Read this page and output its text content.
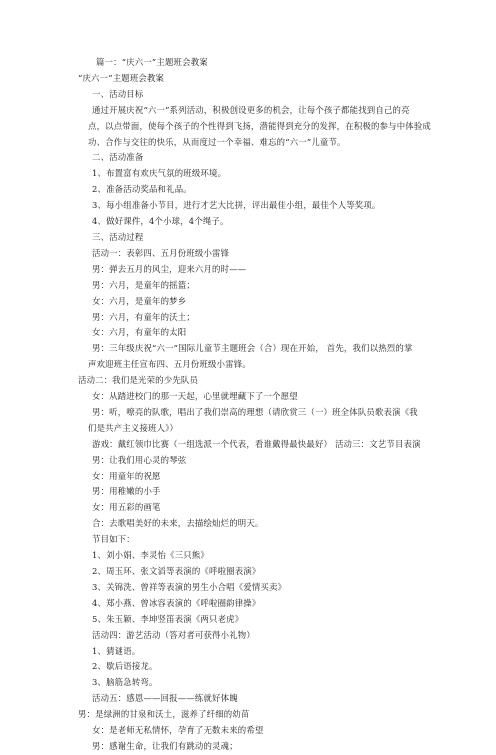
篇一：“庆六一”主题班会教案
“庆六一”主题班会教案
一、活动目标
通过开展庆祝“六一”系列活动，积极创设更多的机会，让每个孩子都能找到自己的亮
点，以点带面，使每个孩子的个性得到飞扬，潜能得到充分的发挥，在积极的参与中体验成
功、合作与交往的快乐，从而度过一个幸福、难忘的“六一”儿童节。
二、活动准备
1、布置富有欢庆气氛的班级环境。
2、准备活动奖品和礼品。
3、每小组准备小节目，进行才艺大比拼，评出最佳小组，最佳个人等奖项。
4、做好课件，4个小球，4个绳子。
三、活动过程
活动一：表彰四、五月份班级小雷锋
男：弹去五月的风尘，迎来六月的时——
男：六月，是童年的摇篮；
女：六月，是童年的梦乡
男：六月，有童年的沃土；
女：六月，有童年的太阳
男：三年级庆祝“六一”国际儿童节主题班会（合）现在开始， 首先，我们以热烈的掌
声欢迎班主任宣布四、五月份班级小雷锋。
活动二：我们是光荣的少先队员
女：从踏进校门的那一天起，心里就埋藏下了一个愿望
男：听，嘹亮的队歌，唱出了我们崇高的理想（请欣赏三（一）班全体队员歌表演《我
们是共产主义接班人》）
游戏：戴红领巾比赛（一组选派一个代表，看谁戴得最快最好） 活动三：文艺节目表演
男：让我们用心灵的琴弦
女：用童年的祝愿
男：用稚嫩的小手
女：用五彩的画笔
合：去歌唱美好的未来，去描绘灿烂的明天。
节目如下：
1、刘小娟、李灵怡《三只熊》
2、周玉环、张文滔等表演的《呼啦圈表演》
3、关锦洗、曾祥等表演的男生小合唱《爱情买卖》
4、郑小燕、曾冰容表演的《呼啦圈韵律操》
5、朱玉颖、李坤竖笛表演《两只老虎》
活动四：游艺活动（答对者可获得小礼物）
1、猜谜语。
2、歇后语接龙。
3、脑筋急转弯。
活动五：感恩——回报——练就好体魄
男：是绿洲的甘泉和沃土，滋养了纤细的幼苗
女：是老师无私情怀，孕育了无数未来的希望
男：感谢生命，让我们有跳动的灵魂；
